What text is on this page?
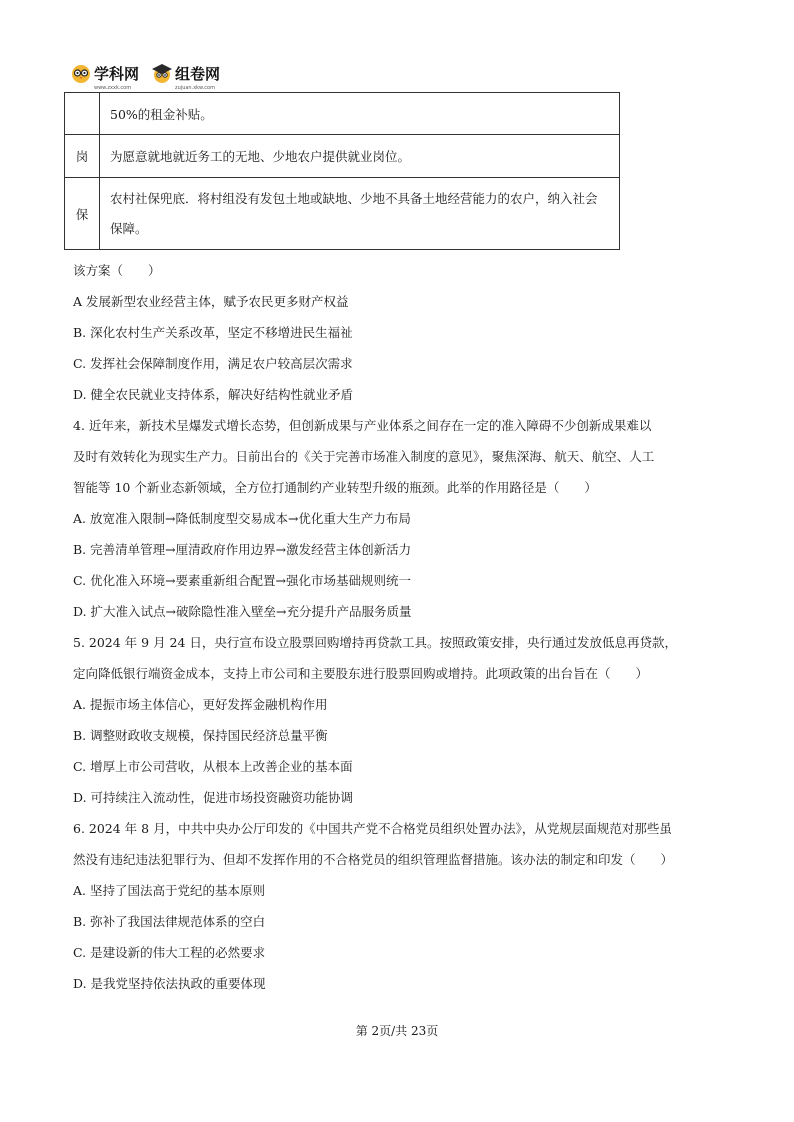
学科网
www.zxxk.com
组卷网
zujuan.xkw.com
	50%的租金补贴。
岗	为愿意就地就近务工的无地、少地农户提供就业岗位。
保	农村社保兜底．将村组没有发包土地或缺地、少地不具备土地经营能力的农户，纳入社会保障。
该方案（　　）
A 发展新型农业经营主体，赋予农民更多财产权益
B. 深化农村生产关系改革，坚定不移增进民生福祉
C. 发挥社会保障制度作用，满足农户较高层次需求
D. 健全农民就业支持体系，解决好结构性就业矛盾
4. 近年来，新技术呈爆发式增长态势，但创新成果与产业体系之间存在一定的准入障碍不少创新成果难以
及时有效转化为现实生产力。日前出台的《关于完善市场准入制度的意见》，聚焦深海、航天、航空、人工
智能等 10 个新业态新领域，全方位打通制约产业转型升级的瓶颈。此举的作用路径是（　　）
A. 放宽准入限制→降低制度型交易成本→优化重大生产力布局
B. 完善清单管理→厘清政府作用边界→激发经营主体创新活力
C. 优化准入环境→要素重新组合配置→强化市场基础规则统一
D. 扩大准入试点→破除隐性准入壁垒→充分提升产品服务质量
5. 2024 年 9 月 24 日，央行宣布设立股票回购增持再贷款工具。按照政策安排，央行通过发放低息再贷款，
定向降低银行端资金成本，支持上市公司和主要股东进行股票回购或增持。此项政策的出台旨在（　　）
A. 提振市场主体信心，更好发挥金融机构作用
B. 调整财政收支规模，保持国民经济总量平衡
C. 增厚上市公司营收，从根本上改善企业的基本面
D. 可持续注入流动性，促进市场投资融资功能协调
6. 2024 年 8 月，中共中央办公厅印发的《中国共产党不合格党员组织处置办法》，从党规层面规范对那些虽
然没有违纪违法犯罪行为、但却不发挥作用的不合格党员的组织管理监督措施。该办法的制定和印发（　　）
A. 坚持了国法高于党纪的基本原则
B. 弥补了我国法律规范体系的空白
C. 是建设新的伟大工程的必然要求
D. 是我党坚持依法执政的重要体现
第 2页/共 23页
